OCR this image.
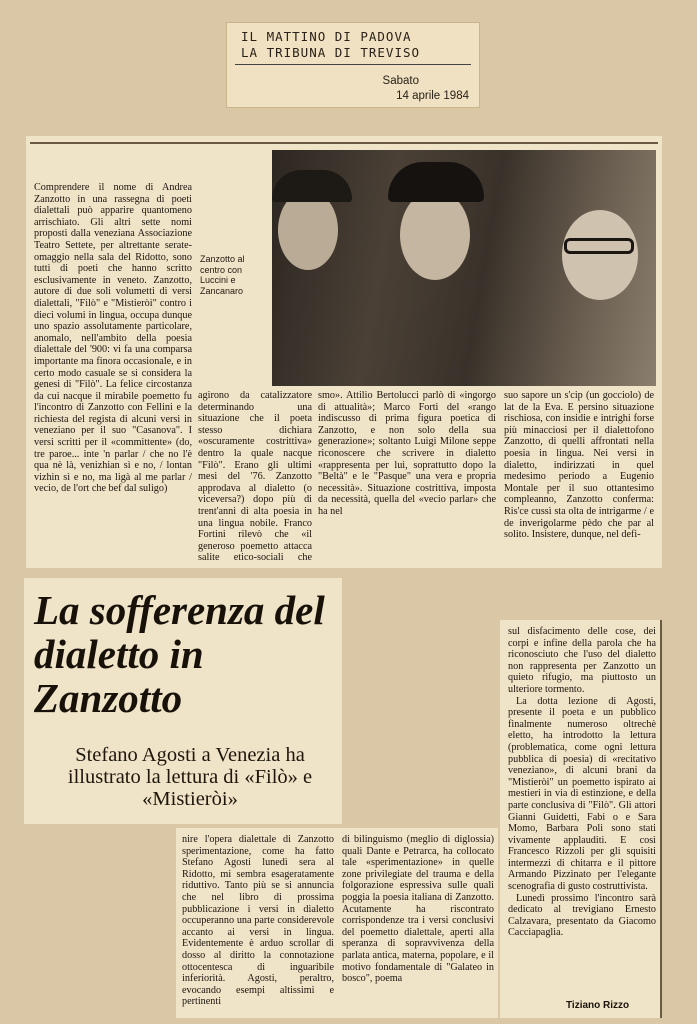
IL MATTINO DI PADOVA
LA TRIBUNA DI TREVISO
Sabato
14 aprile 1984
Zanzotto al centro con Luccini e Zancanaro

Comprendere il nome di Andrea Zanzotto in una rassegna di poeti dialettali può apparire quantomeno arrischiato. Gli altri sette nomi proposti dalla veneziana Associazione Teatro Settete, per altrettante serate-omaggio nella sala del Ridotto, sono tutti di poeti che hanno scritto esclusivamente in veneto. Zanzotto, autore di due soli volumetti di versi dialettali, "Filò" e "Mistieròi" contro i dieci volumi in lingua, occupa dunque uno spazio assolutamente particolare, anomalo, nell'ambito della poesia dialettale del '900: vi fa una comparsa importante ma finora occasionale, e in certo modo casuale se si considera la genesi di "Filò". La felice circostanza da cui nacque il mirabile poemetto fu l'incontro di Zanzotto con Fellini e la richiesta del regista di alcuni versi in veneziano per il suo "Casanova". I versi scritti per il «committente» (do, tre paroe... inte 'n parlar / che no l'è qua nè là, venizhian sì e no, / lontan vizhin sì e no, ma ligà al me parlar / vecio, de l'ort che bef dal suligo)

agirono da catalizzatore determinando una situazione che il poeta stesso dichiara «oscuramente costrittiva» dentro la quale nacque "Filò". Erano gli ultimi mesi del '76. Zanzotto approdava al dialetto (o viceversa?) dopo più di trent'anni di alta poesia in una lingua nobile. Franco Fortini rilevò che «il generoso poemetto attacca salite etico-sociali che

smo». Attilio Bertolucci parlò di «ingorgo di attualità»; Marco Forti del «rango indiscusso di prima figura poetica di Zanzotto, e non solo della sua generazione»; soltanto Luigi Milone seppe riconoscere che scrivere in dialetto «rappresenta per lui, soprattutto dopo la "Beltà" e le "Pasque" una vera e propria necessità». Situazione costrittiva, imposta da necessità, quella del «vecio parlar» che ha nel

suo sapore un s'cip (un gocciolo) de lat de la Eva. E persino situazione rischiosa, con insidie e intrighi forse più minacciosi per il dialettofono Zanzotto, di quelli affrontati nella poesia in lingua. Nei versi in dialetto, indirizzati in quel medesimo periodo a Eugenio Montale per il suo ottantesimo compleanno, Zanzotto conferma: Ris'ce cussì sta olta de intrigarme / e de inverigolarme pèdo che par al solito. Insistere, dunque, nel defi-

La sofferenza del dialetto in Zanzotto
Stefano Agosti a Venezia ha illustrato la lettura di «Filò» e «Mistieròi»

nire l'opera dialettale di Zanzotto sperimentazione, come ha fatto Stefano Agosti lunedì sera al Ridotto, mi sembra esageratamente riduttivo. Tanto più se si annuncia che nel libro di prossima pubblicazione i versi in dialetto occuperanno una parte considerevole accanto ai versi in lingua. Evidentemente è arduo scrollar di dosso al diritto la connotazione ottocentesca di inguaribile inferiorità. Agosti, peraltro, evocando esempi altissimi e pertinenti

di bilinguismo (meglio di diglossia) quali Dante e Petrarca, ha collocato tale «sperimentazione» in quelle zone privilegiate del trauma e della folgorazione espressiva sulle quali poggia la poesia italiana di Zanzotto. Acutamente ha riscontrato corrispondenze tra i versi conclusivi del poemetto dialettale, aperti alla speranza di sopravvivenza della parlata antica, materna, popolare, e il motivo fondamentale di "Galateo in bosco", poema

sul disfacimento delle cose, dei corpi e infine della parola che ha riconosciuto che l'uso del dialetto non rappresenta per Zanzotto un quieto rifugio, ma piuttosto un ulteriore tormento.

La dotta lezione di Agosti, presente il poeta e un pubblico finalmente numeroso oltrechè eletto, ha introdotto la lettura (problematica, come ogni lettura pubblica di poesia) di «recitativo veneziano», di alcuni brani da "Mistieròi" un poemetto ispirato ai mestieri in via di estinzione, e della parte conclusiva di "Filò". Gli attori Gianni Guidetti, Fabi o e Sara Momo, Barbara Poli sono stati vivamente applauditi. E così Francesco Rizzoli per gli squisiti intermezzi di chitarra e il pittore Armando Pizzinato per l'elegante scenografia di gusto costruttivista.

Lunedì prossimo l'incontro sarà dedicato al trevigiano Ernesto Calzavara, presentato da Giacomo Cacciapaglia.

Tiziano Rizzo
